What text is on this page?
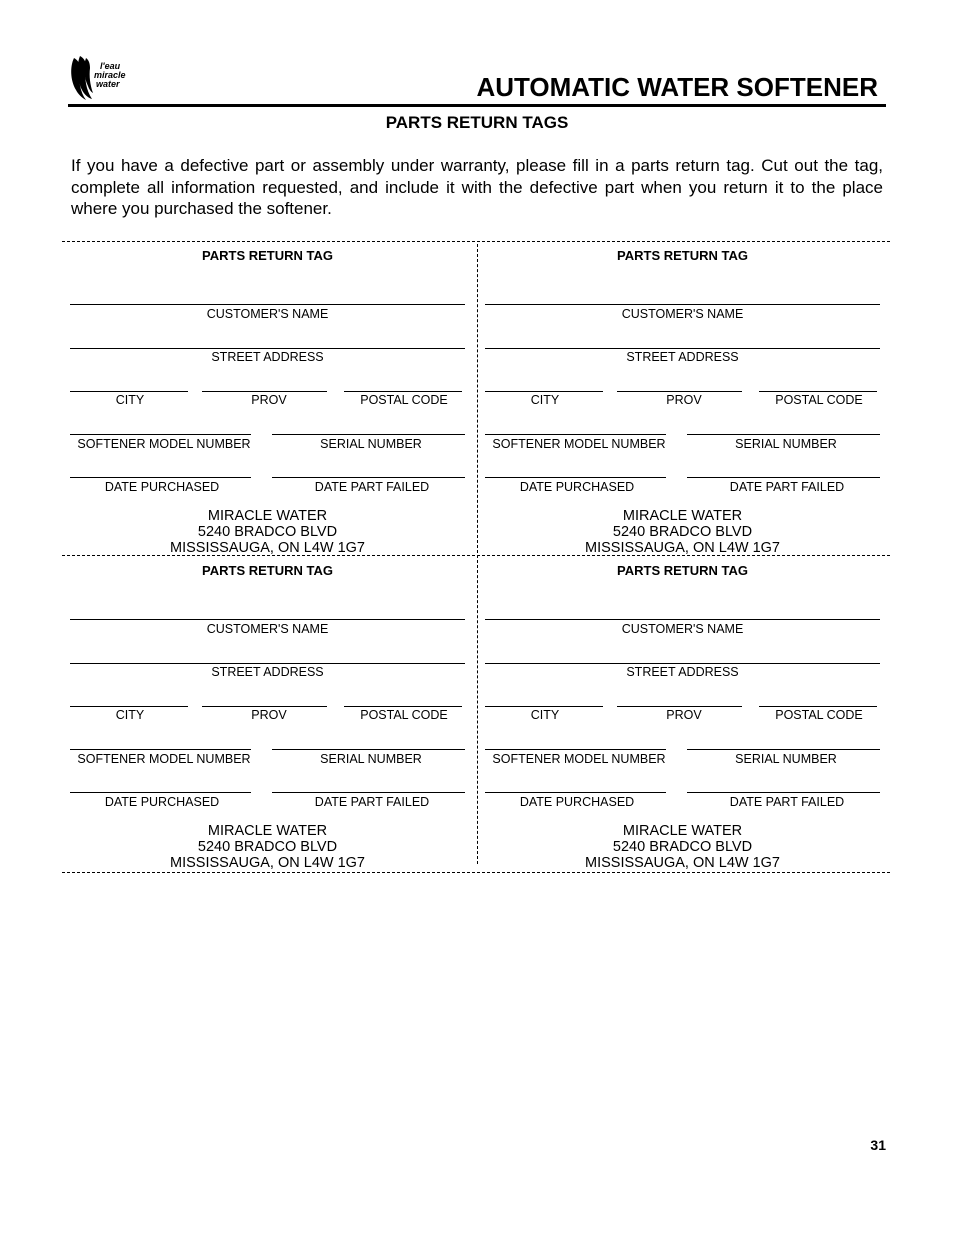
l'eau
miracle
water	AUTOMATIC WATER SOFTENER
PARTS RETURN TAGS
If you have a defective part or assembly under warranty, please fill in a parts return tag. Cut out the tag, complete all information requested, and include it with the defective part when you return it to the place where you purchased the softener.
PARTS RETURN TAG
CUSTOMER'S NAME
STREET ADDRESS
CITY	PROV	POSTAL CODE
SOFTENER MODEL NUMBER	SERIAL NUMBER
DATE PURCHASED	DATE PART FAILED
MIRACLE WATER
5240 BRADCO BLVD
MISSISSAUGA, ON L4W 1G7
PARTS RETURN TAG
CUSTOMER'S NAME
STREET ADDRESS
CITY	PROV	POSTAL CODE
SOFTENER MODEL NUMBER	SERIAL NUMBER
DATE PURCHASED	DATE PART FAILED
MIRACLE WATER
5240 BRADCO BLVD
MISSISSAUGA, ON L4W 1G7
PARTS RETURN TAG
CUSTOMER'S NAME
STREET ADDRESS
CITY	PROV	POSTAL CODE
SOFTENER MODEL NUMBER	SERIAL NUMBER
DATE PURCHASED	DATE PART FAILED
MIRACLE WATER
5240 BRADCO BLVD
MISSISSAUGA, ON L4W 1G7
PARTS RETURN TAG
CUSTOMER'S NAME
STREET ADDRESS
CITY	PROV	POSTAL CODE
SOFTENER MODEL NUMBER	SERIAL NUMBER
DATE PURCHASED	DATE PART FAILED
MIRACLE WATER
5240 BRADCO BLVD
MISSISSAUGA, ON L4W 1G7
31
